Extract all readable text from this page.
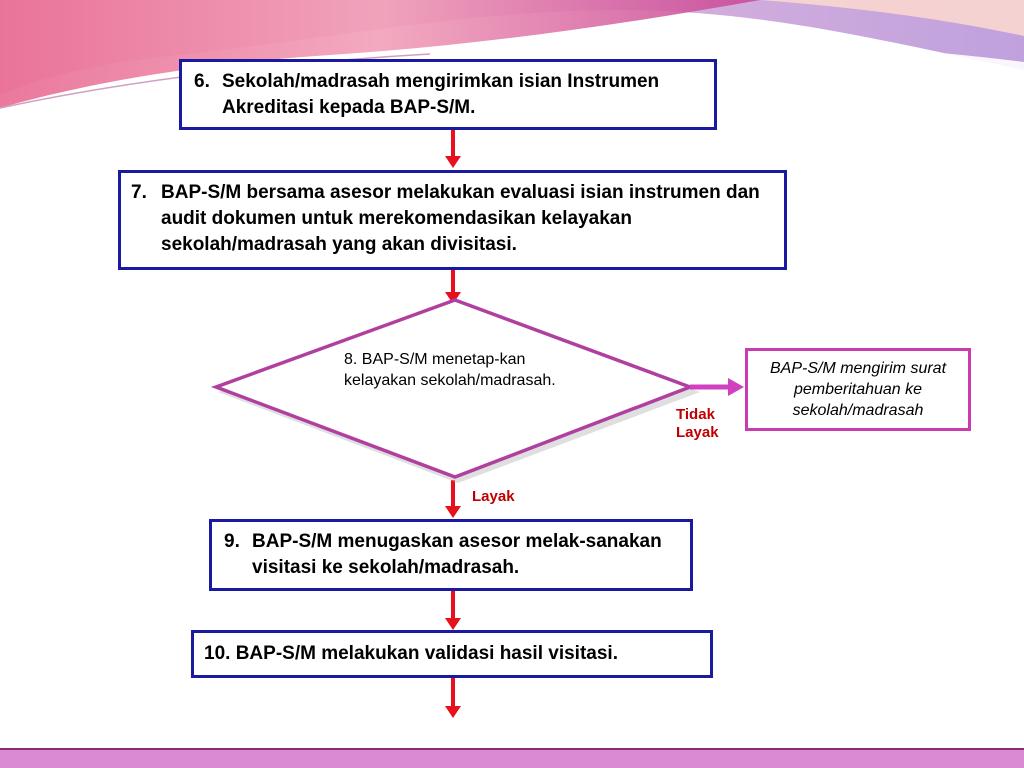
6. Sekolah/madrasah mengirimkan isian Instrumen Akreditasi kepada BAP-S/M.
7. BAP-S/M bersama asesor melakukan evaluasi isian instrumen dan audit dokumen untuk merekomendasikan kelayakan sekolah/madrasah yang akan divisitasi.
8. BAP-S/M menetap-kan kelayakan sekolah/madrasah.
BAP-S/M mengirim surat pemberitahuan ke sekolah/madrasah
Tidak Layak
Layak
9. BAP-S/M menugaskan asesor melak-sanakan visitasi ke sekolah/madrasah.
10. BAP-S/M melakukan validasi hasil visitasi.
